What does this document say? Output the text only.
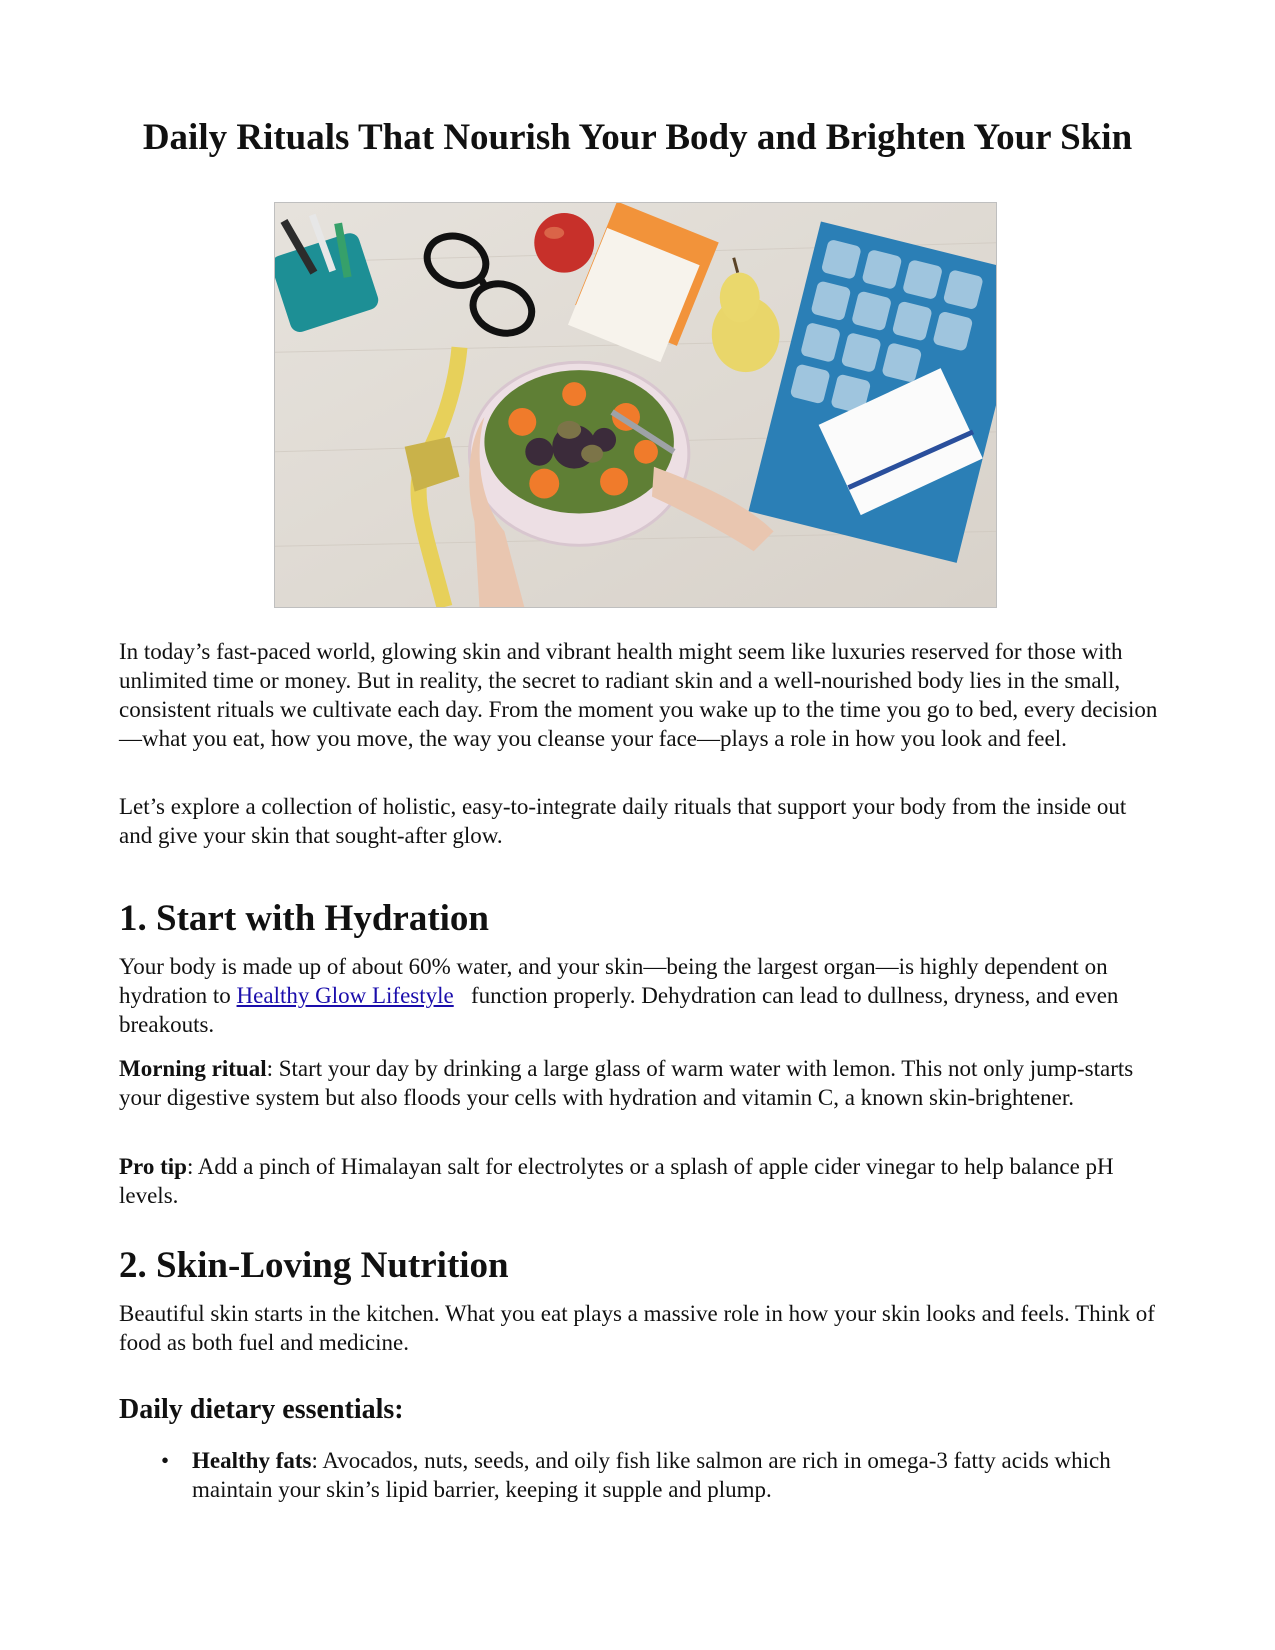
Daily Rituals That Nourish Your Body and Brighten Your Skin

In today’s fast-paced world, glowing skin and vibrant health might seem like luxuries reserved for those with unlimited time or money. But in reality, the secret to radiant skin and a well-nourished body lies in the small, consistent rituals we cultivate each day. From the moment you wake up to the time you go to bed, every decision—what you eat, how you move, the way you cleanse your face—plays a role in how you look and feel.

Let’s explore a collection of holistic, easy-to-integrate daily rituals that support your body from the inside out and give your skin that sought-after glow.

1. Start with Hydration

Your body is made up of about 60% water, and your skin—being the largest organ—is highly dependent on hydration to Healthy Glow Lifestyle   function properly. Dehydration can lead to dullness, dryness, and even breakouts.

Morning ritual: Start your day by drinking a large glass of warm water with lemon. This not only jump-starts your digestive system but also floods your cells with hydration and vitamin C, a known skin-brightener.

Pro tip: Add a pinch of Himalayan salt for electrolytes or a splash of apple cider vinegar to help balance pH levels.

2. Skin-Loving Nutrition

Beautiful skin starts in the kitchen. What you eat plays a massive role in how your skin looks and feels. Think of food as both fuel and medicine.

Daily dietary essentials:
• Healthy fats: Avocados, nuts, seeds, and oily fish like salmon are rich in omega-3 fatty acids which maintain your skin’s lipid barrier, keeping it supple and plump.
